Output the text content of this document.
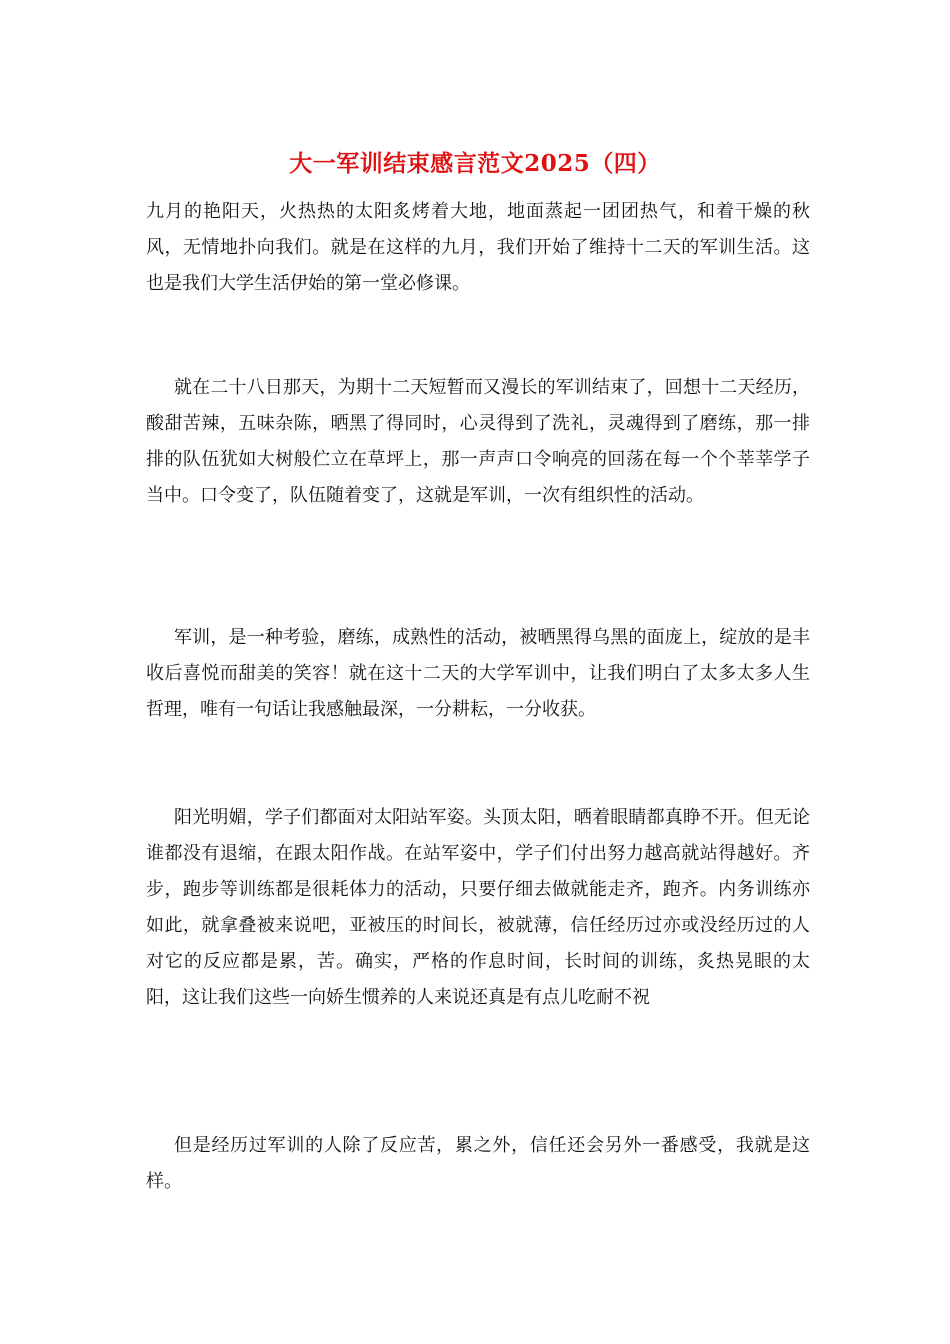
大一军训结束感言范文2025（四）

九月的艳阳天，火热热的太阳炙烤着大地，地面蒸起一团团热气，和着干燥的秋风，无情地扑向我们。就是在这样的九月，我们开始了维持十二天的军训生活。这也是我们大学生活伊始的第一堂必修课。

就在二十八日那天，为期十二天短暂而又漫长的军训结束了，回想十二天经历，酸甜苦辣，五味杂陈，晒黑了得同时，心灵得到了洗礼，灵魂得到了磨练，那一排排的队伍犹如大树般伫立在草坪上，那一声声口令响亮的回荡在每一个个莘莘学子当中。口令变了，队伍随着变了，这就是军训，一次有组织性的活动。

军训，是一种考验，磨练，成熟性的活动，被晒黑得乌黑的面庞上，绽放的是丰收后喜悦而甜美的笑容！就在这十二天的大学军训中，让我们明白了太多太多人生哲理，唯有一句话让我感触最深，一分耕耘，一分收获。

阳光明媚，学子们都面对太阳站军姿。头顶太阳，晒着眼睛都真睁不开。但无论谁都没有退缩，在跟太阳作战。在站军姿中，学子们付出努力越高就站得越好。齐步，跑步等训练都是很耗体力的活动，只要仔细去做就能走齐，跑齐。内务训练亦如此，就拿叠被来说吧，亚被压的时间长，被就薄，信任经历过亦或没经历过的人对它的反应都是累，苦。确实，严格的作息时间，长时间的训练，炙热晃眼的太阳，这让我们这些一向娇生惯养的人来说还真是有点儿吃耐不祝

但是经历过军训的人除了反应苦，累之外，信任还会另外一番感受，我就是这样。
